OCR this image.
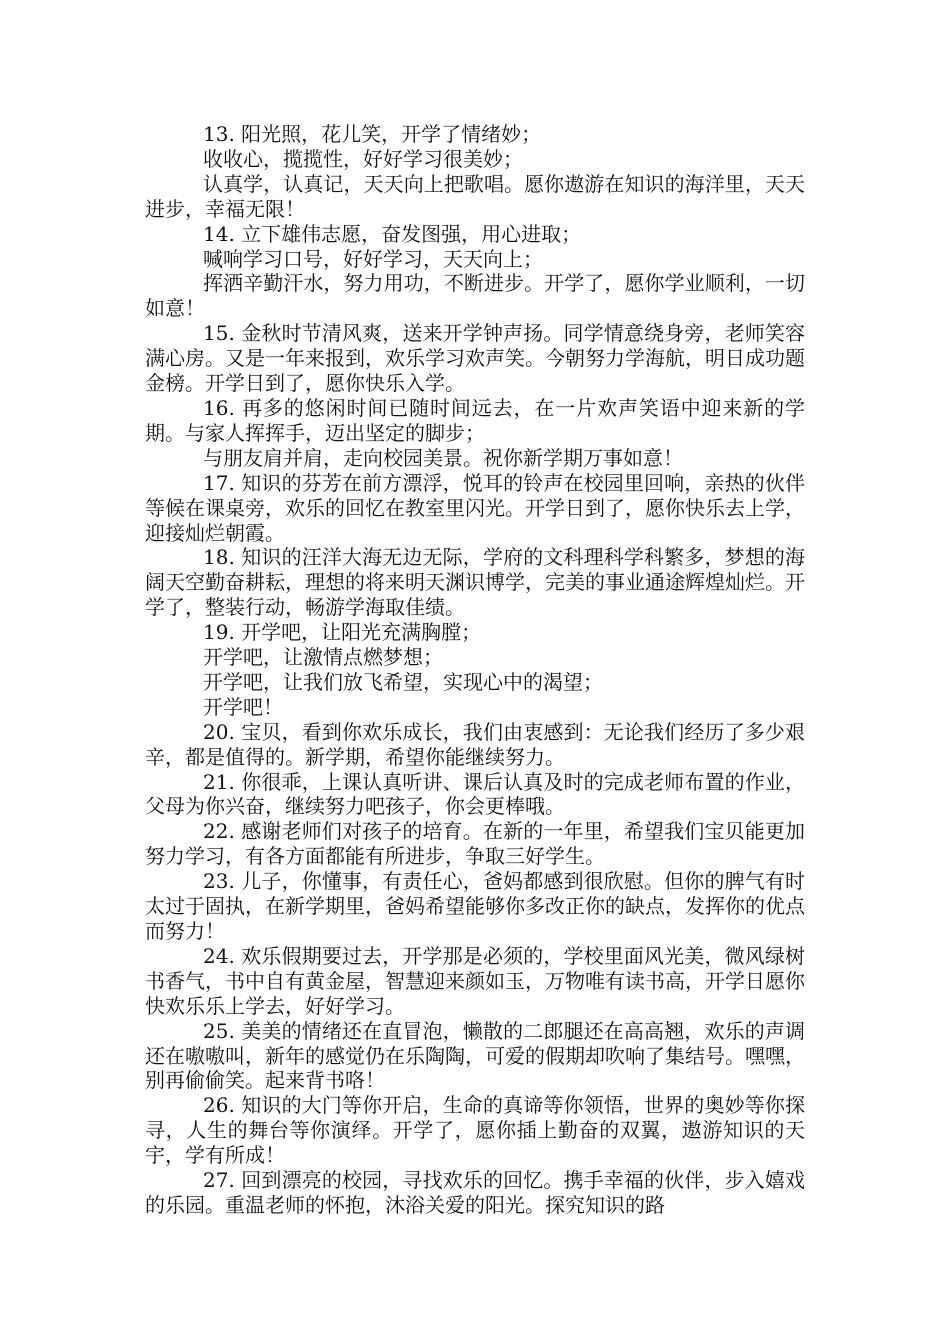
13. 阳光照，花儿笑，开学了情绪妙；

收收心，揽揽性，好好学习很美妙；

认真学，认真记，天天向上把歌唱。愿你遨游在知识的海洋里，天天进步，幸福无限！

14. 立下雄伟志愿，奋发图强，用心进取；

喊响学习口号，好好学习，天天向上；

挥洒辛勤汗水，努力用功，不断进步。开学了，愿你学业顺利，一切如意！

15. 金秋时节清风爽，送来开学钟声扬。同学情意绕身旁，老师笑容满心房。又是一年来报到，欢乐学习欢声笑。今朝努力学海航，明日成功题金榜。开学日到了，愿你快乐入学。

16. 再多的悠闲时间已随时间远去，在一片欢声笑语中迎来新的学期。与家人挥挥手，迈出坚定的脚步；

与朋友肩并肩，走向校园美景。祝你新学期万事如意！

17. 知识的芬芳在前方漂浮，悦耳的铃声在校园里回响，亲热的伙伴等候在课桌旁，欢乐的回忆在教室里闪光。开学日到了，愿你快乐去上学，迎接灿烂朝霞。

18. 知识的汪洋大海无边无际，学府的文科理科学科繁多，梦想的海阔天空勤奋耕耘，理想的将来明天渊识博学，完美的事业通途辉煌灿烂。开学了，整装行动，畅游学海取佳绩。

19. 开学吧，让阳光充满胸膛；

开学吧，让激情点燃梦想；

开学吧，让我们放飞希望，实现心中的渴望；

开学吧！

20. 宝贝，看到你欢乐成长，我们由衷感到：无论我们经历了多少艰辛，都是值得的。新学期，希望你能继续努力。

21. 你很乖，上课认真听讲、课后认真及时的完成老师布置的作业，父母为你兴奋，继续努力吧孩子，你会更棒哦。

22. 感谢老师们对孩子的培育。在新的一年里，希望我们宝贝能更加努力学习，有各方面都能有所进步，争取三好学生。

23. 儿子，你懂事，有责任心，爸妈都感到很欣慰。但你的脾气有时太过于固执，在新学期里，爸妈希望能够你多改正你的缺点，发挥你的优点而努力！

24. 欢乐假期要过去，开学那是必须的，学校里面风光美，微风绿树书香气，书中自有黄金屋，智慧迎来颜如玉，万物唯有读书高，开学日愿你快欢乐乐上学去，好好学习。

25. 美美的情绪还在直冒泡，懒散的二郎腿还在高高翘，欢乐的声调还在嗷嗷叫，新年的感觉仍在乐陶陶，可爱的假期却吹响了集结号。嘿嘿，别再偷偷笑。起来背书咯！

26. 知识的大门等你开启，生命的真谛等你领悟，世界的奥妙等你探寻，人生的舞台等你演绎。开学了，愿你插上勤奋的双翼，遨游知识的天宇，学有所成！

27. 回到漂亮的校园，寻找欢乐的回忆。携手幸福的伙伴，步入嬉戏的乐园。重温老师的怀抱，沐浴关爱的阳光。探究知识的路
